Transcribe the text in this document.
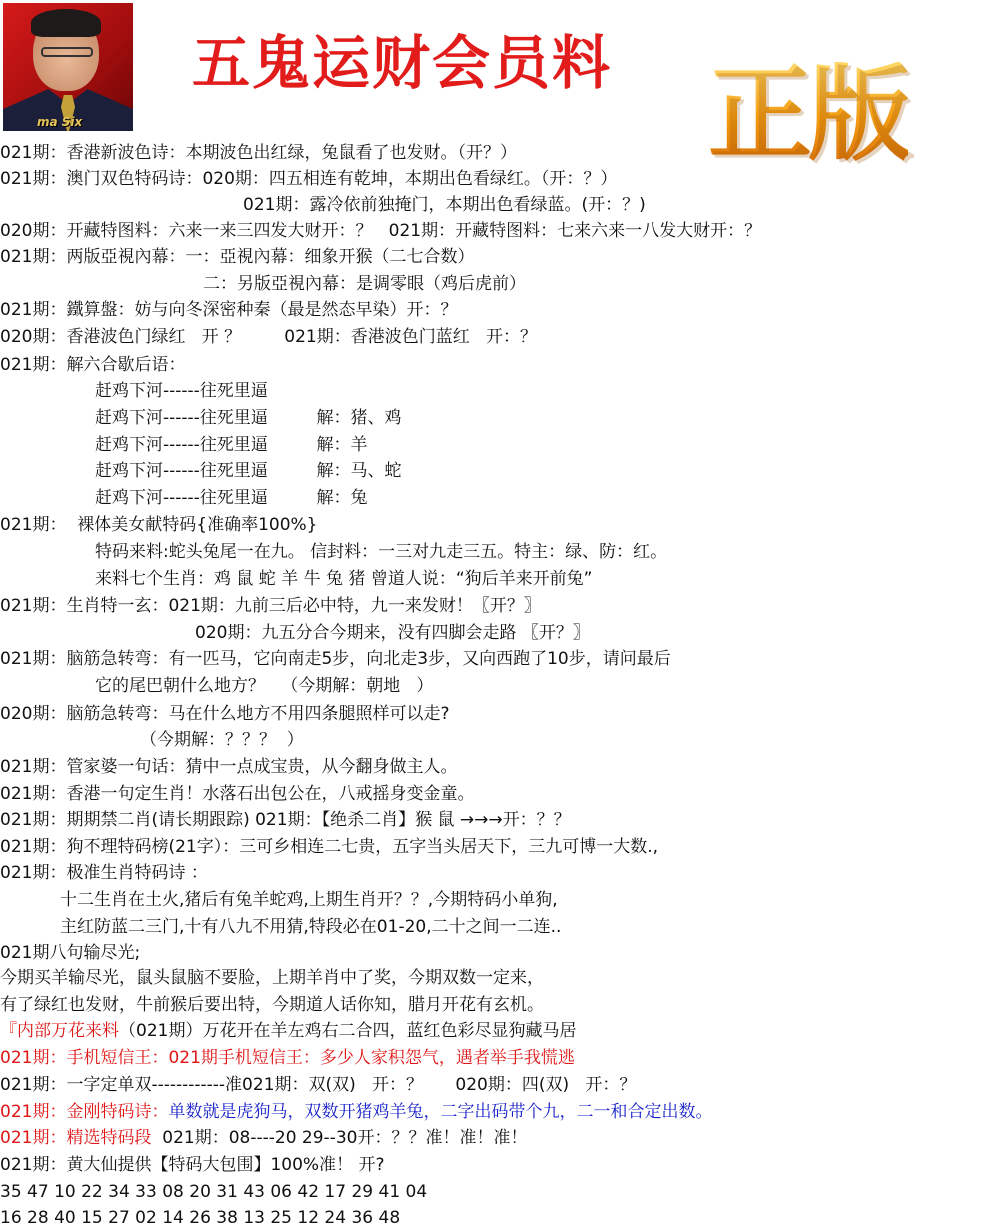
ma Six
五鬼运财会员料 正版
021期：香港新波色诗：本期波色出红绿，兔鼠看了也发财。（开？）
021期：澳门双色特码诗：020期：四五相连有乾坤，本期出色看绿红。（开：？）
021期：露冷依前独掩门，本期出色看绿蓝。(开：？)
020期：开藏特图料：六来一来三四发大财开：？   021期：开藏特图料：七来六来一八发大财开：？
021期：两版亞視內幕：一：亞視內幕：细象开猴（二七合数）
二：另版亞視內幕：是调零眼（鸡后虎前）
021期：鐵算盤：妨与向冬深密种秦（最是然态早染）开：？
020期：香港波色门绿红   开 ？        021期：香港波色门蓝红   开：？
021期：解六合歇后语：
赶鸡下河------往死里逼
赶鸡下河------往死里逼         解：猪、鸡
赶鸡下河------往死里逼         解：羊
赶鸡下河------往死里逼         解：马、蛇
赶鸡下河------往死里逼         解：兔
021期：  裸体美女献特码{准确率100%}
特码来料:蛇头兔尾一在九。 信封料：一三对九走三五。特主：绿、防：红。
来料七个生肖：鸡 鼠 蛇 羊 牛 兔 猪 曾道人说：“狗后羊来开前兔”
021期：生肖特一玄：021期：九前三后必中特，九一来发财！〖开？〗
020期：九五分合今期来，没有四脚会走路 〖开？〗
021期：脑筋急转弯：有一匹马，它向南走5步，向北走3步，又向西跑了10步，请问最后
它的尾巴朝什么地方？   （今期解：朝地   ）
020期：脑筋急转弯：马在什么地方不用四条腿照样可以走?
（今期解：？？？  ）
021期：管家婆一句话：猜中一点成宝贵，从今翻身做主人。
021期：香港一句定生肖！水落石出包公在，八戒摇身变金童。
021期：期期禁二肖(请长期跟踪) 021期：【绝杀二肖】猴 鼠 →→→开：？？
021期：狗不理特码榜(21字）：三可乡相连二七贵，五字当头居天下，三九可博一大数.,
021期：极准生肖特码诗 ：
十二生肖在土火,猪后有兔羊蛇鸡,上期生肖开？？,今期特码小单狗,
主红防蓝二三门,十有八九不用猜,特段必在01-20,二十之间一二连..
021期八句输尽光;
今期买羊输尽光，鼠头鼠脑不要脸，上期羊肖中了奖，今期双数一定来，
有了绿红也发财，牛前猴后要出特，今期道人话你知，腊月开花有玄机。
『内部万花来料（021期）万花开在羊左鸡右二合四，蓝红色彩尽显狗藏马居
021期：手机短信王：021期手机短信王：多少人家积怨气，遇者举手我慌逃
021期：一字定单双------------准021期：双(双)   开：？      020期：四(双)   开：？
021期：金刚特码诗：单数就是虎狗马，双数开猪鸡羊兔，二字出码带个九，二一和合定出数。
021期：精选特码段  021期：08----20 29--30开：？？准！准！准！
021期：黄大仙提供【特码大包围】100%准！ 开?
35 47 10 22 34 33 08 20 31 43 06 42 17 29 41 04
16 28 40 15 27 02 14 26 38 13 25 12 24 36 48
